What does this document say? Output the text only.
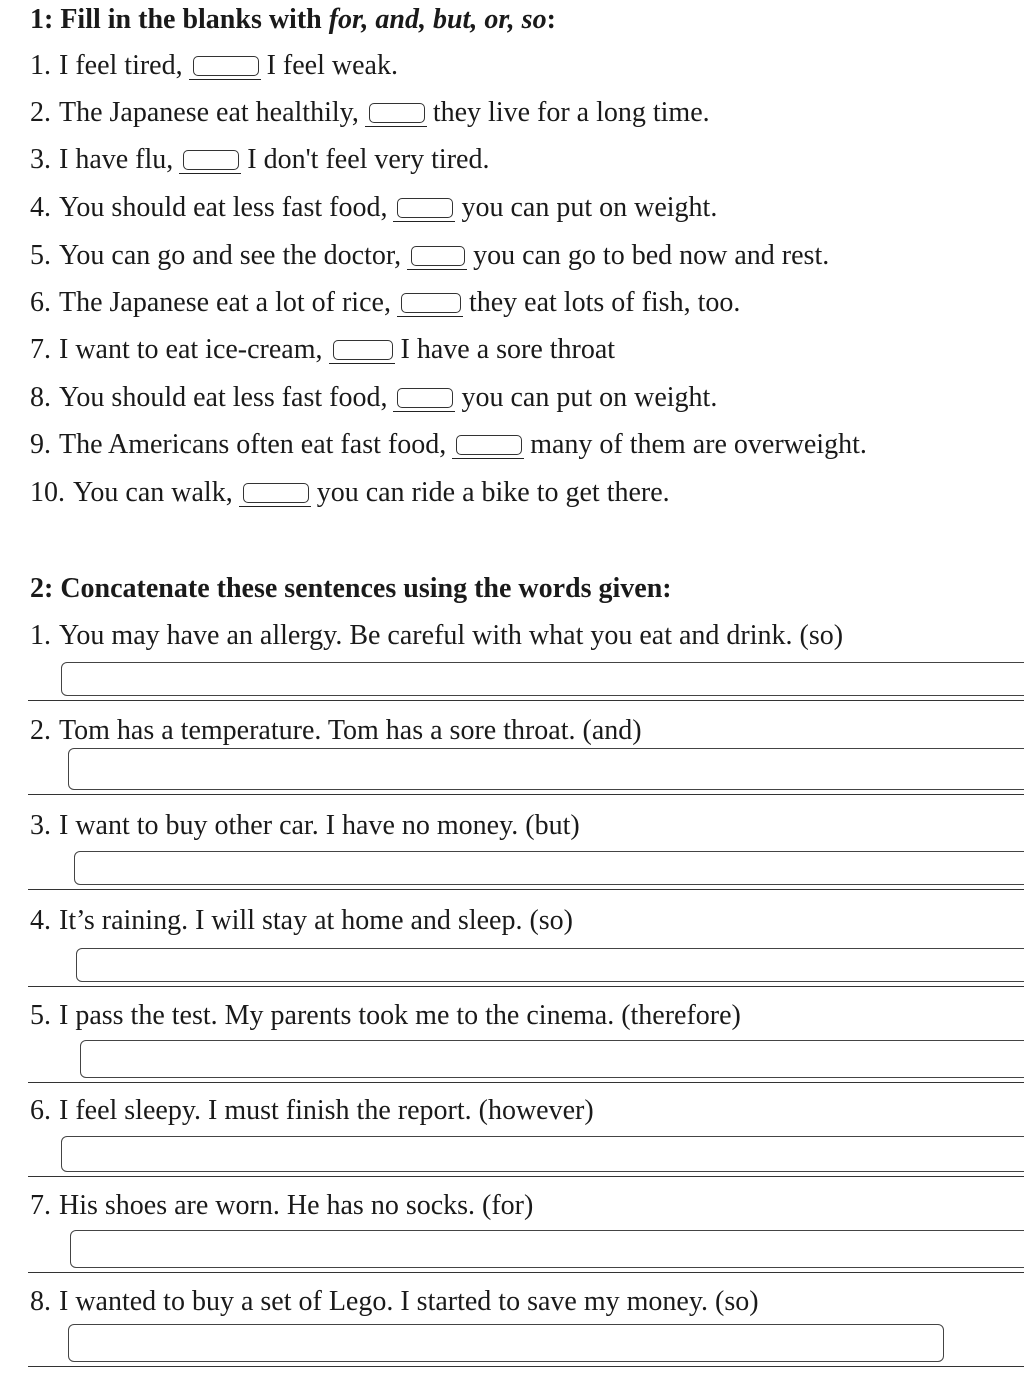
1: Fill in the blanks with for, and, but, or, so:
1. I feel tired,	I feel weak.
2. The Japanese eat healthily,	they live for a long time.
3. I have flu,	I don't feel very tired.
4. You should eat less fast food,	you can put on weight.
5. You can go and see the doctor,	you can go to bed now and rest.
6. The Japanese eat a lot of rice,	they eat lots of fish, too.
7. I want to eat ice-cream,	I have a sore throat
8. You should eat less fast food,	you can put on weight.
9. The Americans often eat fast food,	many of them are overweight.
10. You can walk,	you can ride a bike to get there.
2: Concatenate these sentences using the words given:
1. You may have an allergy. Be careful with what you eat and drink. (so)
2. Tom has a temperature. Tom has a sore throat. (and)
3. I want to buy other car. I have no money. (but)
4. It’s raining. I will stay at home and sleep. (so)
5. I pass the test. My parents took me to the cinema. (therefore)
6. I feel sleepy. I must finish the report. (however)
7. His shoes are worn. He has no socks. (for)
8. I wanted to buy a set of Lego. I started to save my money. (so)
